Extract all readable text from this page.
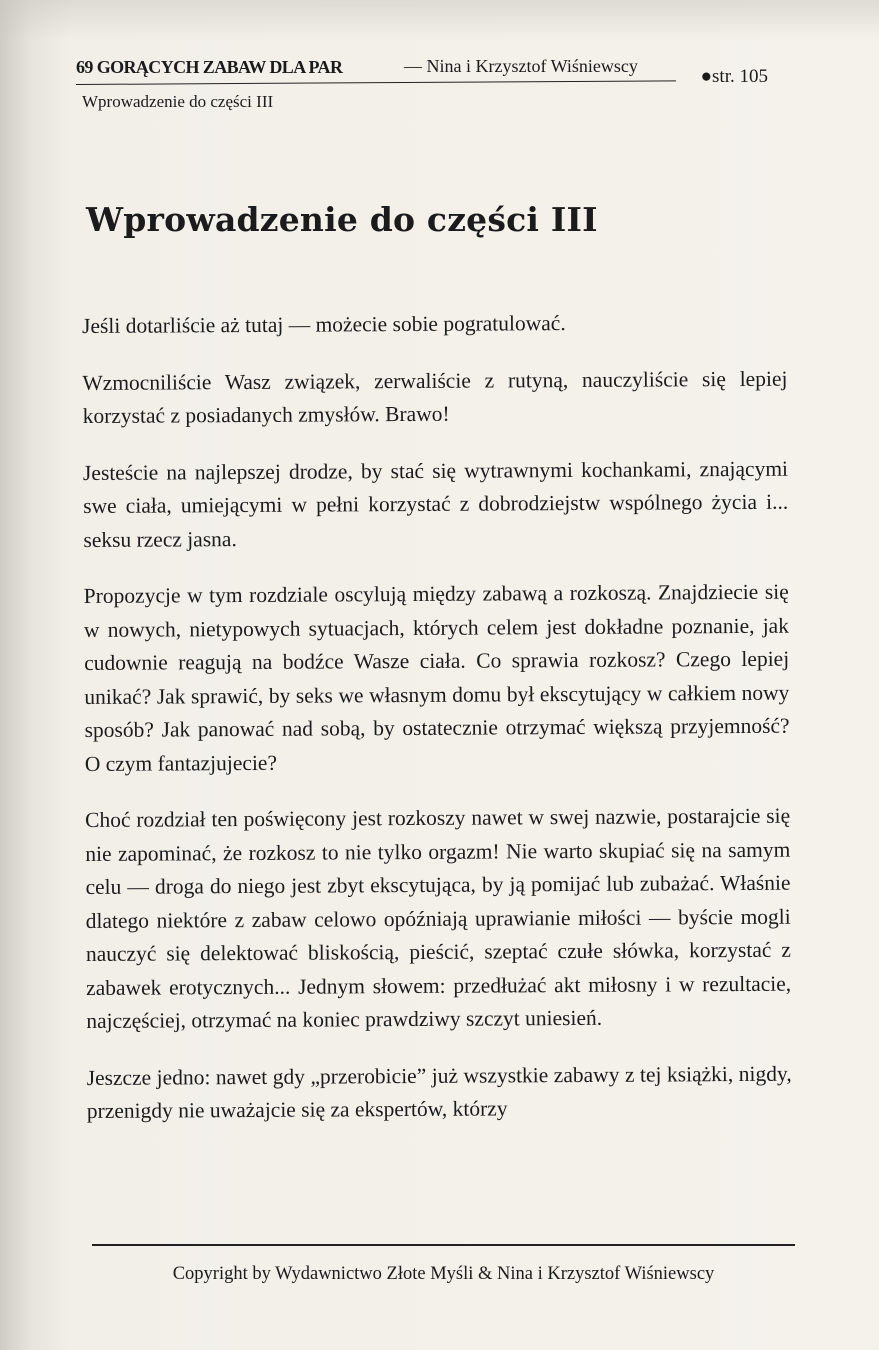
69 GORĄCYCH ZABAW DLA PAR	— Nina i Krzysztof Wiśniewscy	●str. 105
Wprowadzenie do części III
Wprowadzenie do części III

Jeśli dotarliście aż tutaj — możecie sobie pogratulować.

Wzmocniliście Wasz związek, zerwaliście z rutyną, nauczyliście się lepiej korzystać z posiadanych zmysłów. Brawo!

Jesteście na najlepszej drodze, by stać się wytrawnymi kochankami, znającymi swe ciała, umiejącymi w pełni korzystać z dobrodziejstw wspólnego życia i... seksu rzecz jasna.

Propozycje w tym rozdziale oscylują między zabawą a rozkoszą. Znajdziecie się w nowych, nietypowych sytuacjach, których celem jest dokładne poznanie, jak cudownie reagują na bodźce Wasze ciała. Co sprawia rozkosz? Czego lepiej unikać? Jak sprawić, by seks we własnym domu był ekscytujący w całkiem nowy sposób? Jak panować nad sobą, by ostatecznie otrzymać większą przyjemność? O czym fantazjujecie?

Choć rozdział ten poświęcony jest rozkoszy nawet w swej nazwie, postarajcie się nie zapominać, że rozkosz to nie tylko orgazm! Nie warto skupiać się na samym celu — droga do niego jest zbyt ekscytująca, by ją pomijać lub zubażać. Właśnie dlatego niektóre z zabaw celowo opóźniają uprawianie miłości — byście mogli nauczyć się delektować bliskością, pieścić, szeptać czułe słówka, korzystać z zabawek erotycznych... Jednym słowem: przedłużać akt miłosny i w rezultacie, najczęściej, otrzymać na koniec prawdziwy szczyt uniesień.

Jeszcze jedno: nawet gdy „przerobicie” już wszystkie zabawy z tej książki, nigdy, przenigdy nie uważajcie się za ekspertów, którzy

Copyright by Wydawnictwo Złote Myśli & Nina i Krzysztof Wiśniewscy
